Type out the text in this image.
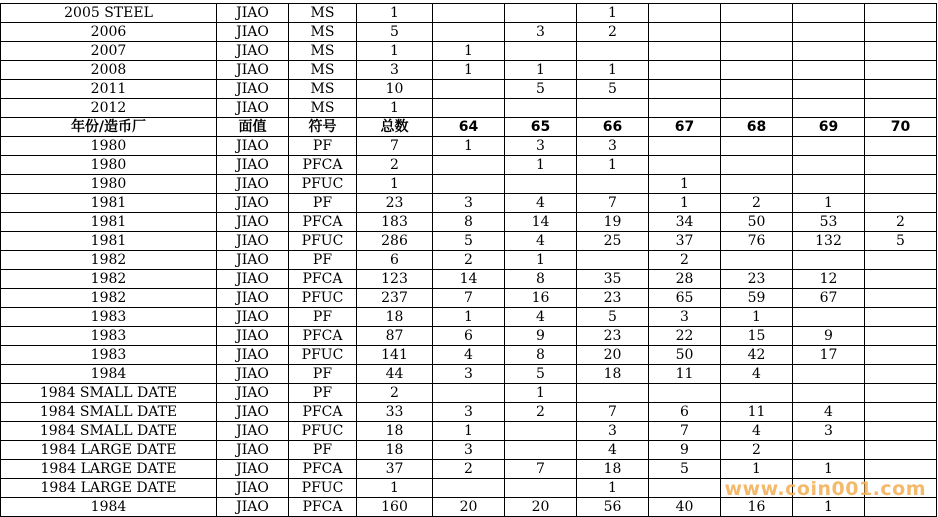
2005 STEEL	JIAO	MS	1			1				
2006	JIAO	MS	5		3	2				
2007	JIAO	MS	1	1						
2008	JIAO	MS	3	1	1	1				
2011	JIAO	MS	10		5	5				
2012	JIAO	MS	1							
年份/造币厂	面值	符号	总数	64	65	66	67	68	69	70
1980	JIAO	PF	7	1	3	3				
1980	JIAO	PFCA	2		1	1				
1980	JIAO	PFUC	1				1			
1981	JIAO	PF	23	3	4	7	1	2	1	
1981	JIAO	PFCA	183	8	14	19	34	50	53	2
1981	JIAO	PFUC	286	5	4	25	37	76	132	5
1982	JIAO	PF	6	2	1		2			
1982	JIAO	PFCA	123	14	8	35	28	23	12	
1982	JIAO	PFUC	237	7	16	23	65	59	67	
1983	JIAO	PF	18	1	4	5	3	1		
1983	JIAO	PFCA	87	6	9	23	22	15	9	
1983	JIAO	PFUC	141	4	8	20	50	42	17	
1984	JIAO	PF	44	3	5	18	11	4		
1984 SMALL DATE	JIAO	PF	2		1					
1984 SMALL DATE	JIAO	PFCA	33	3	2	7	6	11	4	
1984 SMALL DATE	JIAO	PFUC	18	1		3	7	4	3	
1984 LARGE DATE	JIAO	PF	18	3		4	9	2		
1984 LARGE DATE	JIAO	PFCA	37	2	7	18	5	1	1	
1984 LARGE DATE	JIAO	PFUC	1			1				
1984	JIAO	PFCA	160	20	20	56	40	16	1	
www.coin001.com
